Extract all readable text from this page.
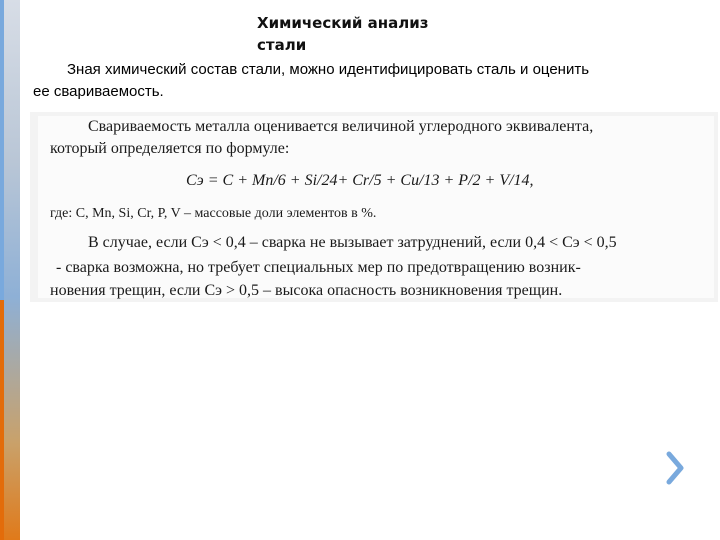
Химический анализ
стали
Зная химический состав стали, можно идентифицировать сталь и оценить
ее свариваемость.
Свариваемость металла оценивается величиной углеродного эквивалента,
который определяется по формуле:
Cэ = C + Mn/6 + Si/24+ Cr/5 + Cu/13 + P/2 + V/14,
где: C, Mn, Si, Cr, P, V – массовые доли элементов в %.
В случае, если Cэ < 0,4 – сварка не вызывает затруднений, если 0,4 < Cэ < 0,5
- сварка возможна, но требует специальных мер по предотвращению возник-
новения трещин, если Cэ > 0,5 – высока опасность возникновения трещин.
